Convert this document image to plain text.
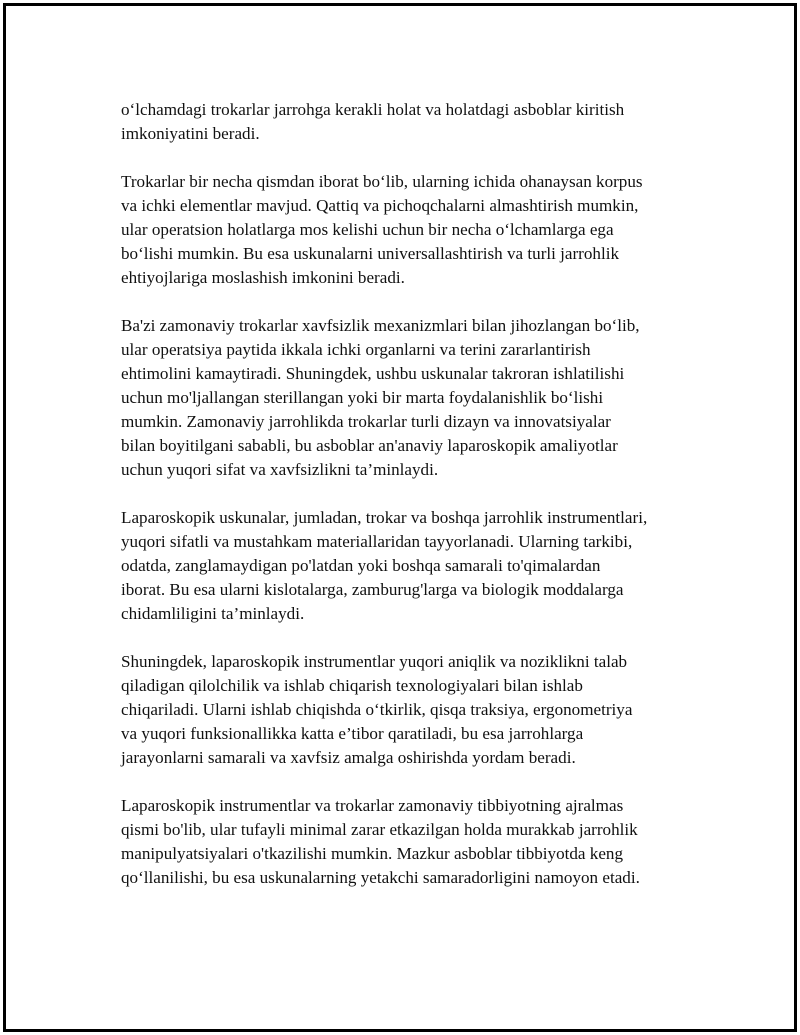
o‘lchamdagi trokarlar jarrohga kerakli holat va holatdagi asboblar kiritish
imkoniyatini beradi.

Trokarlar bir necha qismdan iborat bo‘lib, ularning ichida ohanaysan korpus
va ichki elementlar mavjud. Qattiq va pichoqchalarni almashtirish mumkin,
ular operatsion holatlarga mos kelishi uchun bir necha o‘lchamlarga ega
bo‘lishi mumkin. Bu esa uskunalarni universallashtirish va turli jarrohlik
ehtiyojlariga moslashish imkonini beradi.

Ba'zi zamonaviy trokarlar xavfsizlik mexanizmlari bilan jihozlangan bo‘lib,
ular operatsiya paytida ikkala ichki organlarni va terini zararlantirish
ehtimolini kamaytiradi. Shuningdek, ushbu uskunalar takroran ishlatilishi
uchun mo'ljallangan sterillangan yoki bir marta foydalanishlik bo‘lishi
mumkin. Zamonaviy jarrohlikda trokarlar turli dizayn va innovatsiyalar
bilan boyitilgani sababli, bu asboblar an'anaviy laparoskopik amaliyotlar
uchun yuqori sifat va xavfsizlikni ta’minlaydi.

Laparoskopik uskunalar, jumladan, trokar va boshqa jarrohlik instrumentlari,
yuqori sifatli va mustahkam materiallaridan tayyorlanadi. Ularning tarkibi,
odatda, zanglamaydigan po'latdan yoki boshqa samarali to'qimalardan
iborat. Bu esa ularni kislotalarga, zamburug'larga va biologik moddalarga
chidamliligini ta’minlaydi.

Shuningdek, laparoskopik instrumentlar yuqori aniqlik va noziklikni talab
qiladigan qilolchilik va ishlab chiqarish texnologiyalari bilan ishlab
chiqariladi. Ularni ishlab chiqishda o‘tkirlik, qisqa traksiya, ergonometriya
va yuqori funksionallikka katta e’tibor qaratiladi, bu esa jarrohlarga
jarayonlarni samarali va xavfsiz amalga oshirishda yordam beradi.

Laparoskopik instrumentlar va trokarlar zamonaviy tibbiyotning ajralmas
qismi bo'lib, ular tufayli minimal zarar etkazilgan holda murakkab jarrohlik
manipulyatsiyalari o'tkazilishi mumkin. Mazkur asboblar tibbiyotda keng
qo‘llanilishi, bu esa uskunalarning yetakchi samaradorligini namoyon etadi.
